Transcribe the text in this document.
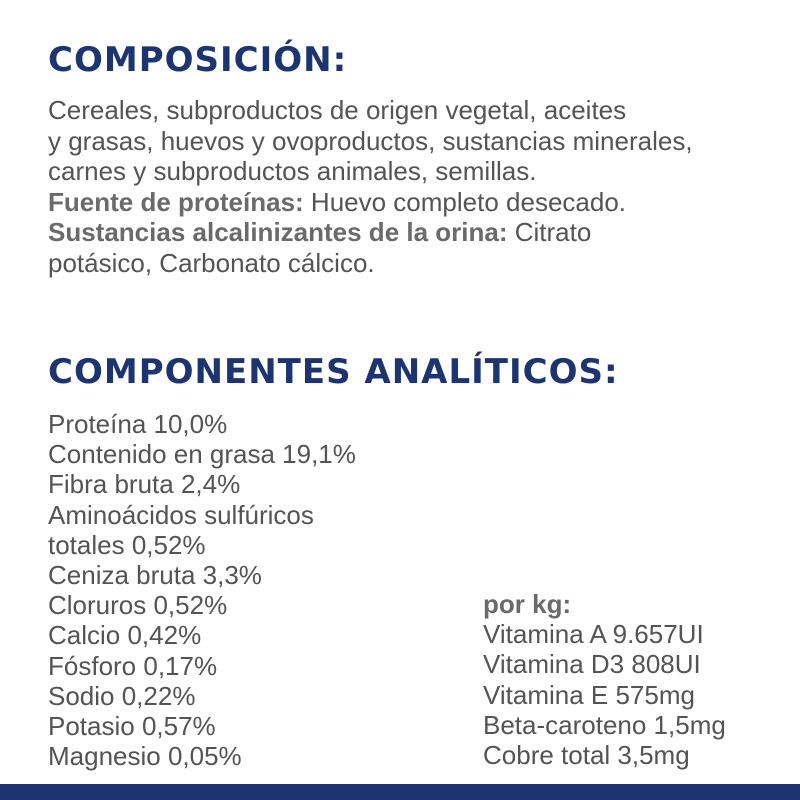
COMPOSICIÓN:
Cereales, subproductos de origen vegetal, aceites
y grasas, huevos y ovoproductos, sustancias minerales,
carnes y subproductos animales, semillas.
Fuente de proteínas: Huevo completo desecado.
Sustancias alcalinizantes de la orina: Citrato
potásico, Carbonato cálcico.
COMPONENTES ANALÍTICOS:
Proteína 10,0%
Contenido en grasa 19,1%
Fibra bruta 2,4%
Aminoácidos sulfúricos
totales 0,52%
Ceniza bruta 3,3%
Cloruros 0,52%
Calcio 0,42%
Fósforo 0,17%
Sodio 0,22%
Potasio 0,57%
Magnesio 0,05%
por kg:
Vitamina A 9.657UI
Vitamina D3 808UI
Vitamina E 575mg
Beta-caroteno 1,5mg
Cobre total 3,5mg
